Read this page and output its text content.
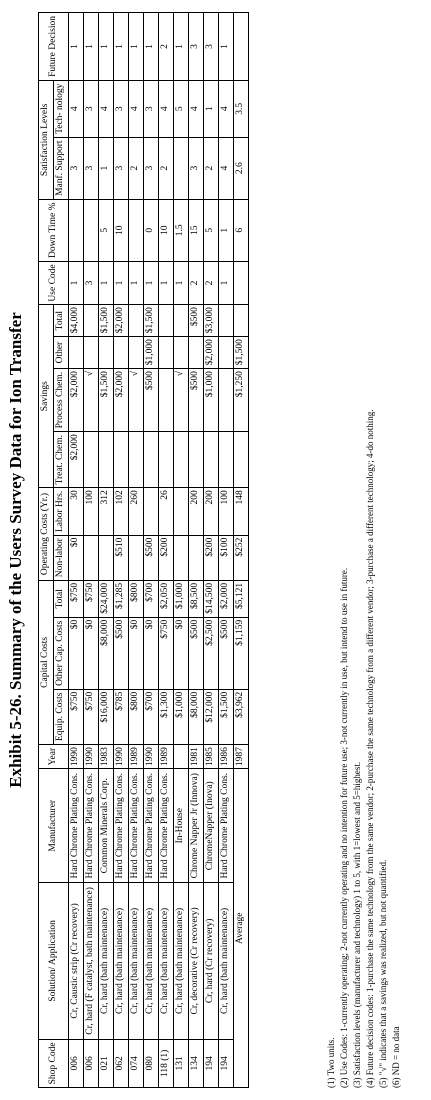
Exhibit 5-26. Summary of the Users Survey Data for Ion Transfer
Shop Code	Solution/ Application	Manufacturer	Year	Capital Costs			Operating Costs (Yr.)		Savings				Use Code	Down Time %	Satisfaction Levels		Future Decision
				Equip. Costs	Other Cap. Costs	Total			Treat. Chem.	Process Chem.	Other	Total			Manf. Support	Tech- nology	
							Non-labor	Labor Hrs.									
006	Cr, Caustic strip (Cr recovery)	Hard Chrome Plating Cons.	1990	$750	$0	$750	$0	30	$2,000	$2,000		$4,000	1		3	4	1
006	Cr, hard (F catalyst, bath maintenance)	Hard Chrome Plating Cons.	1990	$750	$0	$750		100		√			3		3	3	1
021	Cr, hard (bath maintenance)	Common Minerals Corp.	1983	$16,000	$8,000	$24,000		312		$1,500		$1,500	1	5	1	4	1
062	Cr, hard (bath maintenance)	Hard Chrome Plating Cons.	1990	$785	$500	$1,285	$510	102		$2,000		$2,000	1	10	3	3	1
074	Cr, hard (bath maintenance)	Hard Chrome Plating Cons.	1989	$800	$0	$800		260		√			1		2	4	1
080	Cr, hard (bath maintenance)	Hard Chrome Plating Cons.	1990	$700	$0	$700	$500			$500	$1,000	$1,500	1	0	3	3	1
118 (1)	Cr, hard (bath maintenance)	Hard Chrome Plating Cons.	1989	$1,300	$750	$2,050	$200	26					1	10	2	4	2
131	Cr, hard (bath maintenance)	In-House		$1,000	$0	$1,000				√			1	1.5		5	1
134	Cr, decorative (Cr recovery)	Chrome Napper Jr (Innova)	1981	$8,000	$500	$8,500		200		$500		$500	2	15	3	4	3
194	Cr, hard (Cr recovery)	ChromeNapper (Inova)	1985	$12,000	$2,500	$14,500	$200	200		$1,000	$2,000	$3,000	2	5	2	1	3
194	Cr, hard (bath maintenance)	Hard Chrome Plating Cons.	1986	$1,500	$500	$2,000	$100	100					1	1	4	4	1
Average			1987	$3,962	$1,159	$5,121	$252	148		$1,250	$1,500			6	2.6	3.5	
(1) Two units. (2) Use Codes: 1-currently operating; 2-not currently operating and no intention for future use; 3-not currently in use, but intend to use in future. (3) Satisfaction levels (manufacturer and technology) 1 to 5, with 1=lowest and 5=highest. (4) Future decision codes: 1-purchase the same technology from the same vendor; 2-purchase the same technology from a different vendor; 3-purchase a different technology; 4-do nothing. (5) "√" indicates that a savings was realized, but not quantified. (6) ND = no data
